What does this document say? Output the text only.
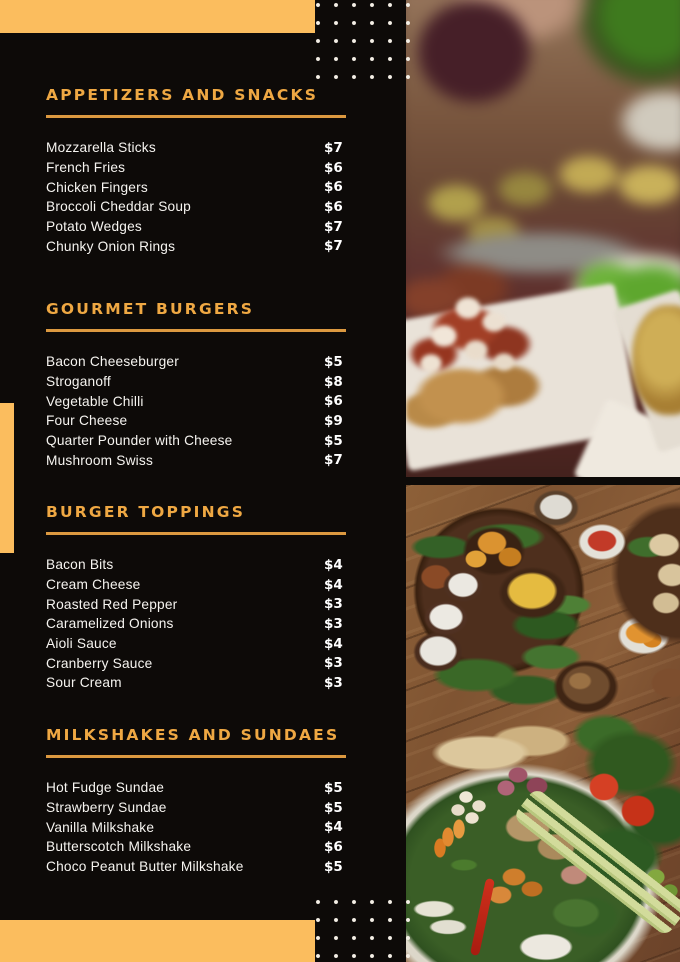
APPETIZERS AND SNACKS
Mozzarella Sticks	$7
French Fries	$6
Chicken Fingers	$6
Broccoli Cheddar Soup	$6
Potato Wedges	$7
Chunky Onion Rings	$7
GOURMET BURGERS
Bacon Cheeseburger	$5
Stroganoff	$8
Vegetable Chilli	$6
Four Cheese	$9
Quarter Pounder with Cheese	$5
Mushroom Swiss	$7
BURGER TOPPINGS
Bacon Bits	$4
Cream Cheese	$4
Roasted Red Pepper	$3
Caramelized Onions	$3
Aioli Sauce	$4
Cranberry Sauce	$3
Sour Cream	$3
MILKSHAKES AND SUNDAES
Hot Fudge Sundae	$5
Strawberry Sundae	$5
Vanilla Milkshake	$4
Butterscotch Milkshake	$6
Choco Peanut Butter Milkshake	$5
